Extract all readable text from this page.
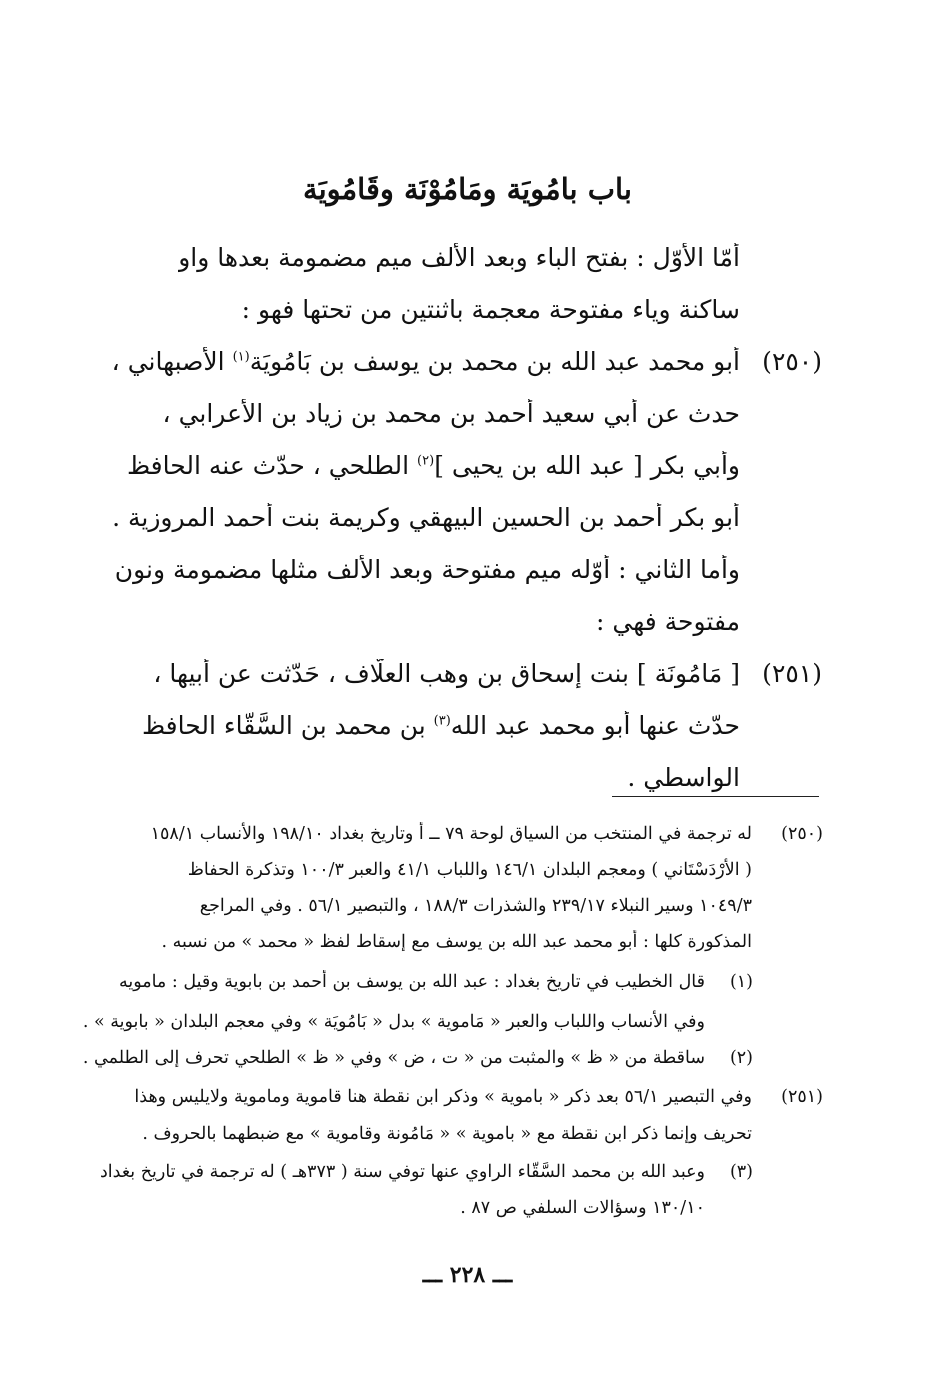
باب بامُويَة ومَامُوْنَة وقَامُويَة
أمّا الأوّل : بفتح الباء وبعد الألف ميم مضمومة بعدها واو
ساكنة وياء مفتوحة معجمة باثنتين من تحتها فهو :
(٢٥٠)
أبو محمد عبد الله بن محمد بن يوسف بن بَامُويَة$^{(١)}$ الأصبهاني ،
حدث عن أبي سعيد أحمد بن محمد بن زياد بن الأعرابي ،
وأبي بكر [ عبد الله بن يحيى ]$^{(٢)}$ الطلحي ، حدّث عنه الحافظ
أبو بكر أحمد بن الحسين البيهقي وكريمة بنت أحمد المروزية .
وأما الثاني : أوّله ميم مفتوحة وبعد الألف مثلها مضمومة ونون
مفتوحة فهي :
(٢٥١)
[ مَامُونَة ] بنت إسحاق بن وهب العلّاف ، حَدّثت عن أبيها ،
حدّث عنها أبو محمد عبد الله$^{(٣)}$ بن محمد بن السَّقّاء الحافظ
الواسطي .
(٢٥٠)
له ترجمة في المنتخب من السياق لوحة ٧٩ ــ أ وتاريخ بغداد ١٩٨/١٠ والأنساب ١٥٨/١
( الأَرْدَسْتَاني ) ومعجم البلدان ١٤٦/١ واللباب ٤١/١ والعبر ١٠٠/٣ وتذكرة الحفاظ
١٠٤٩/٣ وسير النبلاء ٢٣٩/١٧ والشذرات ١٨٨/٣ ، والتبصير ٥٦/١ . وفي المراجع
المذكورة كلها : أبو محمد عبد الله بن يوسف مع إسقاط لفظ « محمد » من نسبه .
(١)
قال الخطيب في تاريخ بغداد : عبد الله بن يوسف بن أحمد بن بابوية وقيل : مامويه
وفي الأنساب واللباب والعبر « مَاموية » بدل « بَامُويَة » وفي معجم البلدان « بابوية » .
(٢)
ساقطة من « ظ » والمثبت من « ت ، ض » وفي « ظ » الطلحي تحرف إلى الطلمي .
(٢٥١)
وفي التبصير ٥٦/١ بعد ذكر « باموية » وذكر ابن نقطة هنا قاموية وماموية ولايليس وهذا
تحريف وإنما ذكر ابن نقطة مع « باموية » « مَامُونة وقاموية » مع ضبطهما بالحروف .
(٣)
وعبد الله بن محمد السَّقّاء الراوي عنها توفي سنة ( ٣٧٣هـ ) له ترجمة في تاريخ بغداد
١٣٠/١٠ وسؤالات السلفي ص ٨٧ .
ـــ ٢٢٨ ـــ
